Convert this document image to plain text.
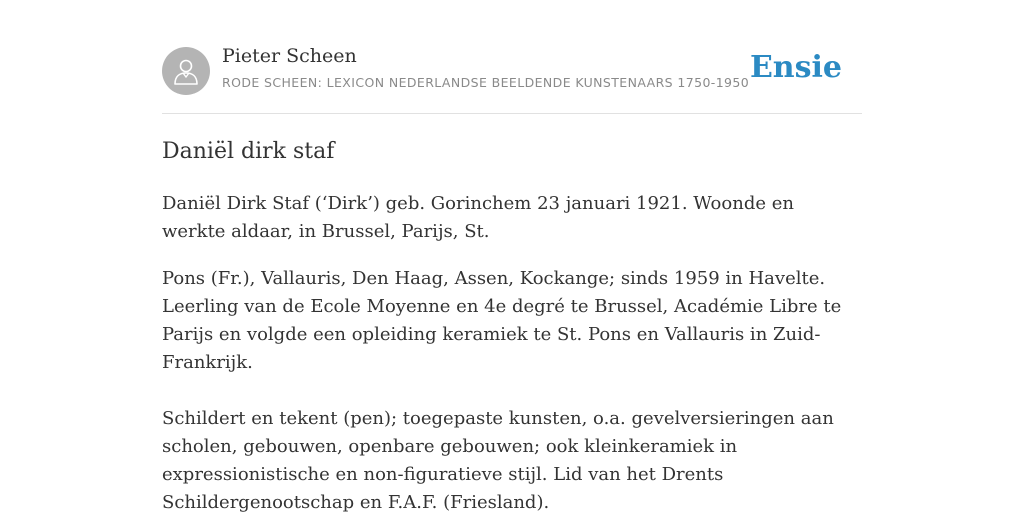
Pieter Scheen
RODE SCHEEN: LEXICON NEDERLANDSE BEELDENDE KUNSTENAARS 1750-1950 Ensie
Daniël dirk staf

Daniël Dirk Staf (‘Dirk’) geb. Gorinchem 23 januari 1921. Woonde en werkte aldaar, in Brussel, Parijs, St.

Pons (Fr.), Vallauris, Den Haag, Assen, Kockange; sinds 1959 in Havelte. Leerling van de Ecole Moyenne en 4e degré te Brussel, Académie Libre te Parijs en volgde een opleiding keramiek te St. Pons en Vallauris in Zuid-Frankrijk.

Schildert en tekent (pen); toegepaste kunsten, o.a. gevelversieringen aan scholen, gebouwen, openbare gebouwen; ook kleinkeramiek in expressionistische en non-figuratieve stijl. Lid van het Drents Schildergenootschap en F.A.F. (Friesland).
